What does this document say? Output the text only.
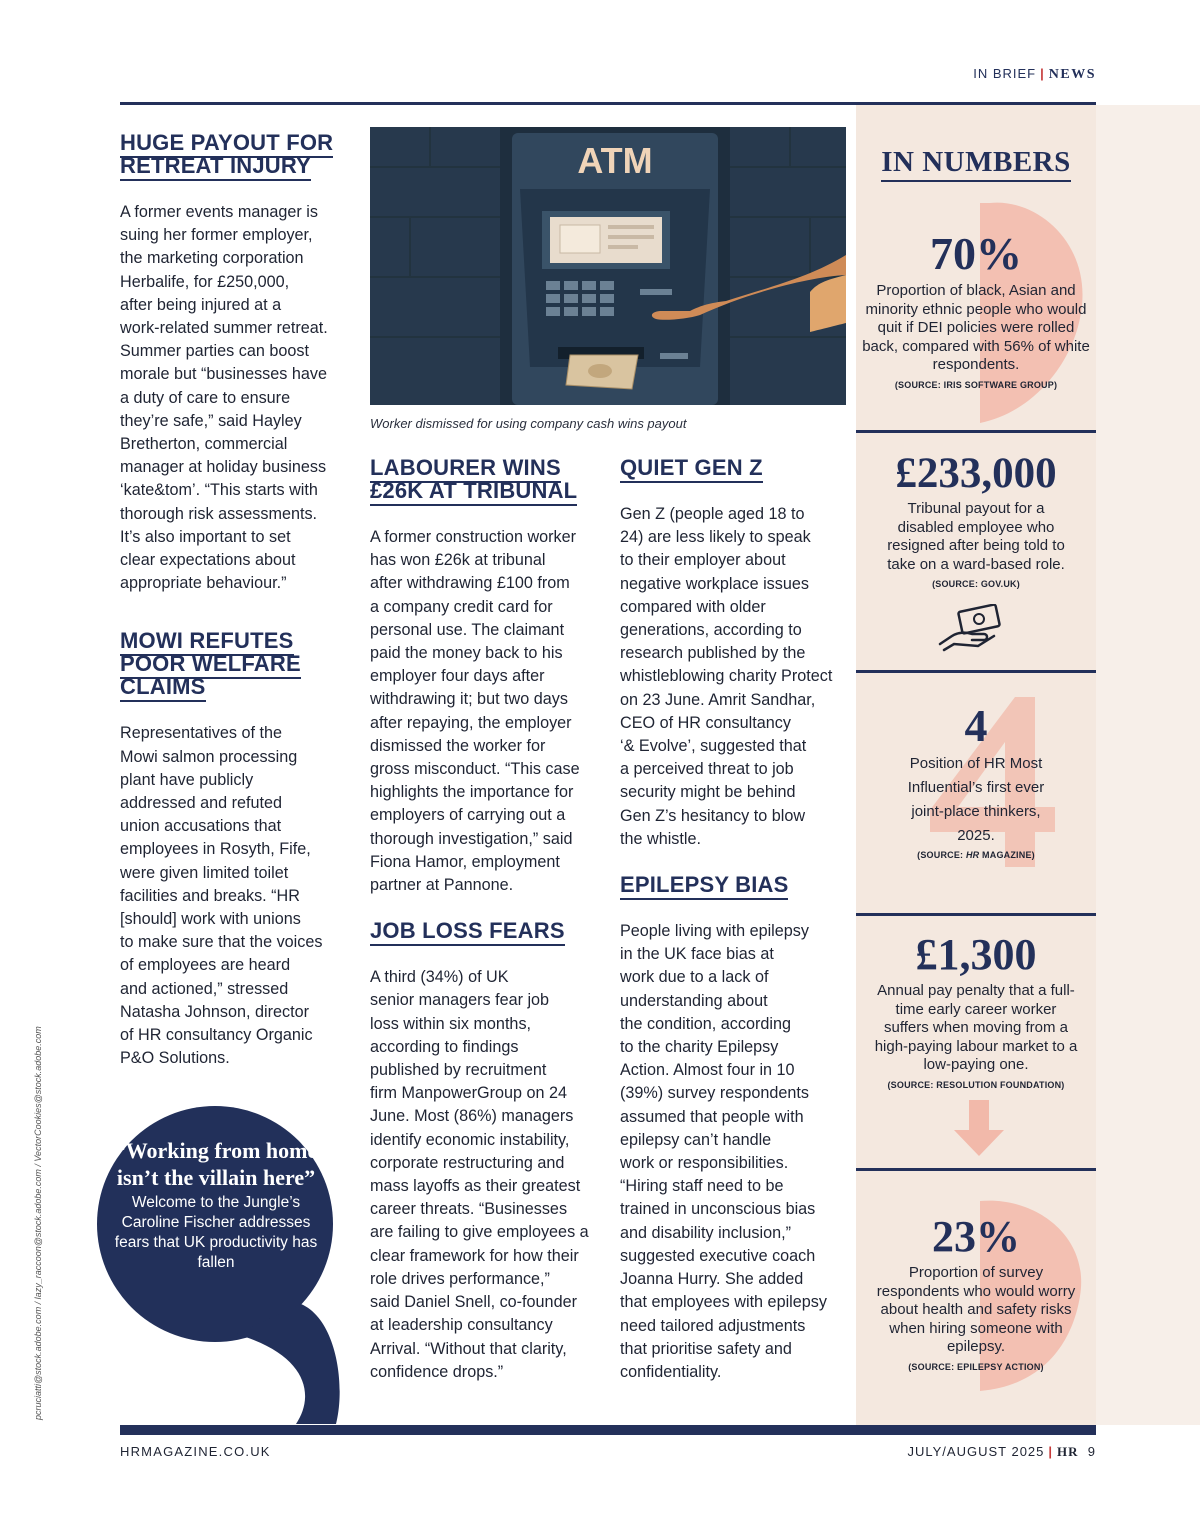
IN BRIEF | NEWS
HUGE PAYOUT FOR RETREAT INJURY

A former events manager is
suing her former employer,
the marketing corporation
Herbalife, for £250,000,
after being injured at a
work-related summer retreat.
Summer parties can boost
morale but “businesses have
a duty of care to ensure
they’re safe,” said Hayley
Bretherton, commercial
manager at holiday business
‘kate&tom’. “This starts with
thorough risk assessments.
It’s also important to set
clear expectations about
appropriate behaviour.”

MOWI REFUTES POOR WELFARE CLAIMS

Representatives of the
Mowi salmon processing
plant have publicly
addressed and refuted
union accusations that
employees in Rosyth, Fife,
were given limited toilet
facilities and breaks. “HR
[should] work with unions
to make sure that the voices
of employees are heard
and actioned,” stressed
Natasha Johnson, director
of HR consultancy Organic
P&O Solutions.

ATM
Worker dismissed for using company cash wins payout
LABOURER WINS £26K AT TRIBUNAL

A former construction worker
has won £26k at tribunal
after withdrawing £100 from
a company credit card for
personal use. The claimant
paid the money back to his
employer four days after
withdrawing it; but two days
after repaying, the employer
dismissed the worker for
gross misconduct. “This case
highlights the importance for
employers of carrying out a
thorough investigation,” said
Fiona Hamor, employment
partner at Pannone.

JOB LOSS FEARS

A third (34%) of UK
senior managers fear job
loss within six months,
according to findings
published by recruitment
firm ManpowerGroup on 24
June. Most (86%) managers
identify economic instability,
corporate restructuring and
mass layoffs as their greatest
career threats. “Businesses
are failing to give employees a
clear framework for how their
role drives performance,”
said Daniel Snell, co-founder
at leadership consultancy
Arrival. “Without that clarity,
confidence drops.”

QUIET GEN Z

Gen Z (people aged 18 to
24) are less likely to speak
to their employer about
negative workplace issues
compared with older
generations, according to
research published by the
whistleblowing charity Protect
on 23 June. Amrit Sandhar,
CEO of HR consultancy
‘& Evolve’, suggested that
a perceived threat to job
security might be behind
Gen Z’s hesitancy to blow
the whistle.

EPILEPSY BIAS

People living with epilepsy
in the UK face bias at
work due to a lack of
understanding about
the condition, according
to the charity Epilepsy
Action. Almost four in 10
(39%) survey respondents
assumed that people with
epilepsy can’t handle
work or responsibilities.
“Hiring staff need to be
trained in unconscious bias
and disability inclusion,”
suggested executive coach
Joanna Hurry. She added
that employees with epilepsy
need tailored adjustments
that prioritise safety and
confidentiality.

“Working from home isn’t the villain here”

Welcome to the Jungle’s Caroline Fischer addresses fears that UK productivity has fallen

pcruciatti@stock.adobe.com / lazy_raccoon@stock.adobe.com / VectorCookies@stock.adobe.com
IN NUMBERS
70%

Proportion of black, Asian and minority ethnic people who would quit if DEI policies were rolled back, compared with 56% of white respondents.

(SOURCE: IRIS SOFTWARE GROUP)
£233,000

Tribunal payout for a disabled employee who resigned after being told to take on a ward-based role.

(SOURCE: GOV.UK)
4

Position of HR Most Influential’s first ever joint-place thinkers, 2025.

(SOURCE: HR MAGAZINE)
£1,300

Annual pay penalty that a full-time early career worker suffers when moving from a high-paying labour market to a low-paying one.

(SOURCE: RESOLUTION FOUNDATION)
23%

Proportion of survey respondents who would worry about health and safety risks when hiring someone with epilepsy.

(SOURCE: EPILEPSY ACTION)
HRMAGAZINE.CO.UK	JULY/AUGUST 2025 | HR 9
